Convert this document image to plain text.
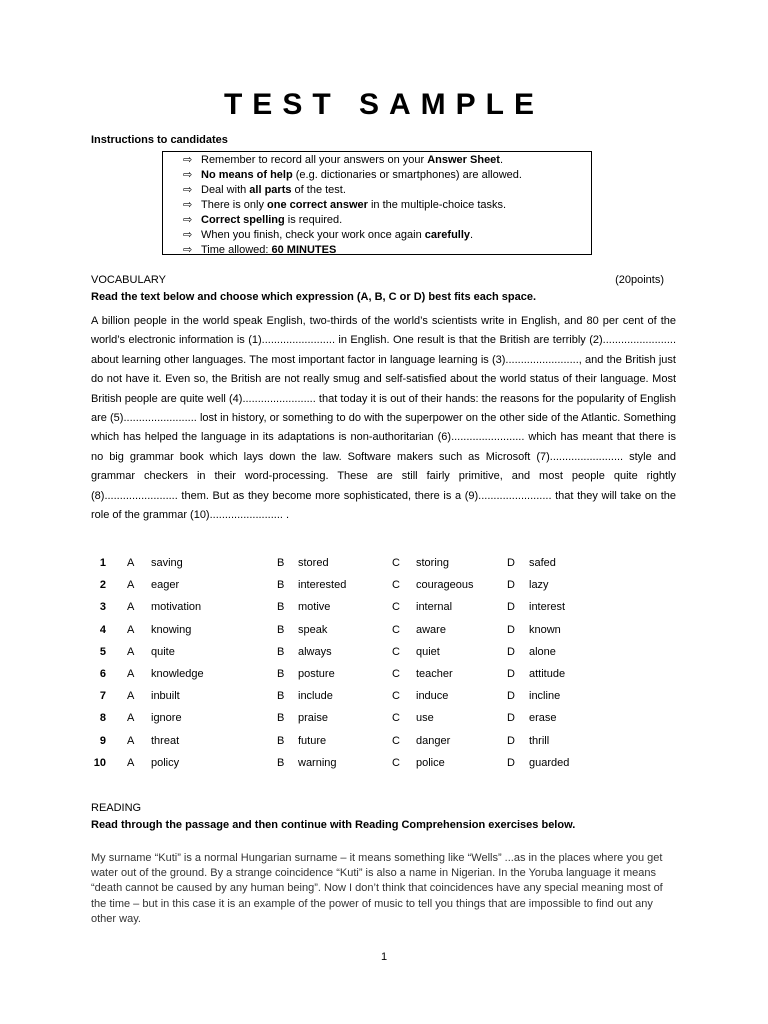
TEST SAMPLE
Instructions to candidates
⇨ Remember to record all your answers on your Answer Sheet.
⇨ No means of help (e.g. dictionaries or smartphones) are allowed.
⇨ Deal with all parts of the test.
⇨ There is only one correct answer in the multiple-choice tasks.
⇨ Correct spelling is required.
⇨ When you finish, check your work once again carefully.
⇨ Time allowed: 60 MINUTES
VOCABULARY	(20points)
Read the text below and choose which expression (A, B, C or D) best fits each space.
A billion people in the world speak English, two-thirds of the world’s scientists write in English, and 80 per cent of the world’s electronic information is (1)........................ in English. One result is that the British are terribly (2)........................ about learning other languages. The most important factor in language learning is (3)........................, and the British just do not have it. Even so, the British are not really smug and self-satisfied about the world status of their language. Most British people are quite well (4)........................ that today it is out of their hands: the reasons for the popularity of English are (5)........................ lost in history, or something to do with the superpower on the other side of the Atlantic. Something which has helped the language in its adaptations is non-authoritarian (6)........................ which has meant that there is no big grammar book which lays down the law. Software makers such as Microsoft (7)........................ style and grammar checkers in their word-processing. These are still fairly primitive, and most people quite rightly (8)........................ them. But as they become more sophisticated, there is a (9)........................ that they will take on the role of the grammar (10)........................ .
1 A saving	B stored	C storing	D safed
2 A eager	B interested	C courageous	D lazy
3 A motivation	B motive	C internal	D interest
4 A knowing	B speak	C aware	D known
5 A quite	B always	C quiet	D alone
6 A knowledge	B posture	C teacher	D attitude
7 A inbuilt	B include	C induce	D incline
8 A ignore	B praise	C use	D erase
9 A threat	B future	C danger	D thrill
10 A policy	B warning	C police	D guarded
READING
Read through the passage and then continue with Reading Comprehension exercises below.
My surname “Kuti” is a normal Hungarian surname – it means something like “Wells” ...as in the places where you get water out of the ground. By a strange coincidence “Kuti” is also a name in Nigerian. In the Yoruba language it means “death cannot be caused by any human being”. Now I don’t think that coincidences have any special meaning most of the time – but in this case it is an example of the power of music to tell you things that are impossible to find out any other way.
1
